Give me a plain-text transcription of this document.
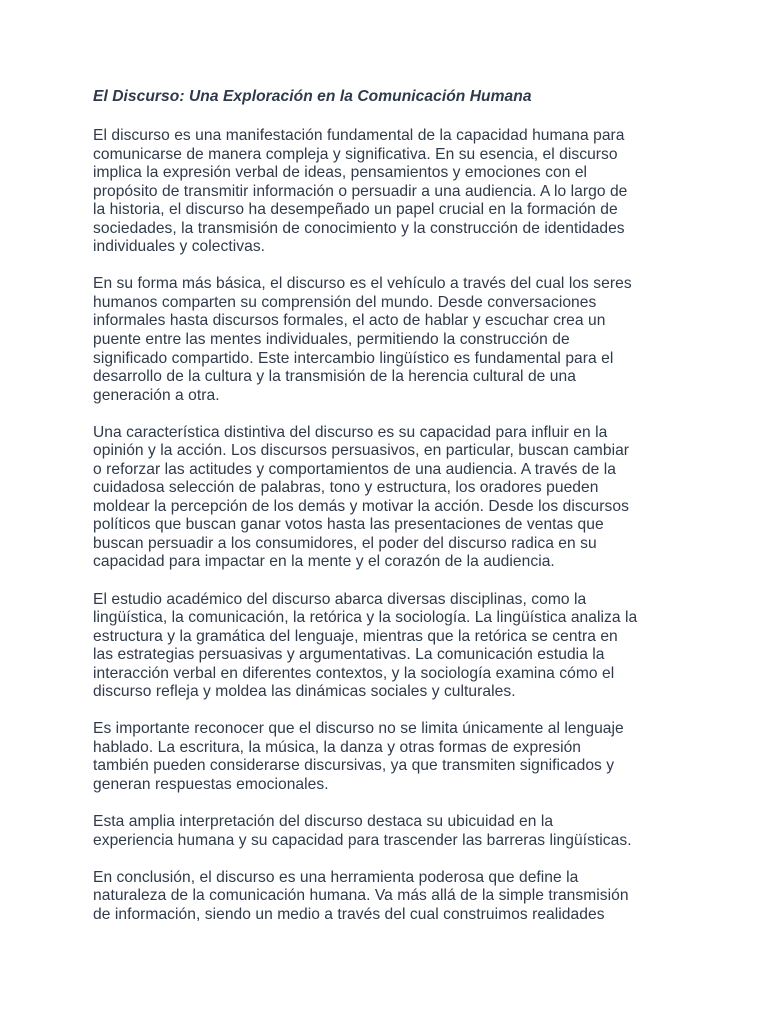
El Discurso: Una Exploración en la Comunicación Humana

El discurso es una manifestación fundamental de la capacidad humana para
comunicarse de manera compleja y significativa. En su esencia, el discurso
implica la expresión verbal de ideas, pensamientos y emociones con el
propósito de transmitir información o persuadir a una audiencia. A lo largo de
la historia, el discurso ha desempeñado un papel crucial en la formación de
sociedades, la transmisión de conocimiento y la construcción de identidades
individuales y colectivas.

En su forma más básica, el discurso es el vehículo a través del cual los seres
humanos comparten su comprensión del mundo. Desde conversaciones
informales hasta discursos formales, el acto de hablar y escuchar crea un
puente entre las mentes individuales, permitiendo la construcción de
significado compartido. Este intercambio lingüístico es fundamental para el
desarrollo de la cultura y la transmisión de la herencia cultural de una
generación a otra.

Una característica distintiva del discurso es su capacidad para influir en la
opinión y la acción. Los discursos persuasivos, en particular, buscan cambiar
o reforzar las actitudes y comportamientos de una audiencia. A través de la
cuidadosa selección de palabras, tono y estructura, los oradores pueden
moldear la percepción de los demás y motivar la acción. Desde los discursos
políticos que buscan ganar votos hasta las presentaciones de ventas que
buscan persuadir a los consumidores, el poder del discurso radica en su
capacidad para impactar en la mente y el corazón de la audiencia.

El estudio académico del discurso abarca diversas disciplinas, como la
lingüística, la comunicación, la retórica y la sociología. La lingüística analiza la
estructura y la gramática del lenguaje, mientras que la retórica se centra en
las estrategias persuasivas y argumentativas. La comunicación estudia la
interacción verbal en diferentes contextos, y la sociología examina cómo el
discurso refleja y moldea las dinámicas sociales y culturales.

Es importante reconocer que el discurso no se limita únicamente al lenguaje
hablado. La escritura, la música, la danza y otras formas de expresión
también pueden considerarse discursivas, ya que transmiten significados y
generan respuestas emocionales.

Esta amplia interpretación del discurso destaca su ubicuidad en la
experiencia humana y su capacidad para trascender las barreras lingüísticas.

En conclusión, el discurso es una herramienta poderosa que define la
naturaleza de la comunicación humana. Va más allá de la simple transmisión
de información, siendo un medio a través del cual construimos realidades
